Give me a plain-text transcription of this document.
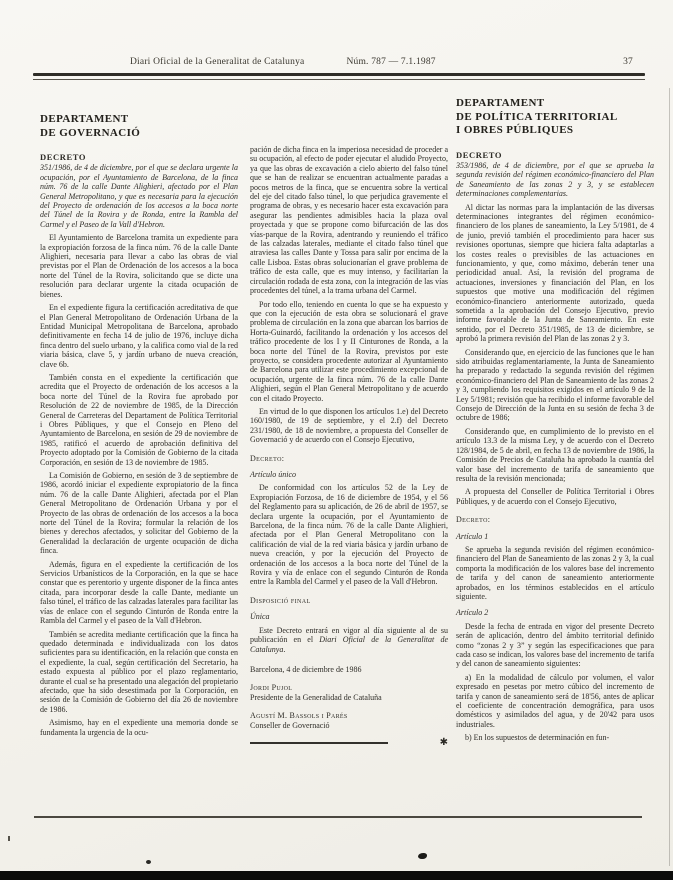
Diari Oficial de la Generalitat de Catalunya	Núm. 787 — 7.1.1987	37
DEPARTAMENT
DE GOVERNACIÓ
DECRETO

351/1986, de 4 de diciembre, por el que se declara urgente la ocupación, por el Ayuntamiento de Barcelona, de la finca núm. 76 de la calle Dante Alighieri, afectado por el Plan General Metropolitano, y que es necesaria para la ejecución del Proyecto de ordenación de los accesos a la boca norte del Túnel de la Rovira y de Ronda, entre la Rambla del Carmel y el Paseo de la Vall d'Hebron.

El Ayuntamiento de Barcelona tramita un expediente para la expropiación forzosa de la finca núm. 76 de la calle Dante Alighieri, necesaria para llevar a cabo las obras de vial previstas por el Plan de Ordenación de los accesos a la boca norte del Túnel de la Rovira, solicitando que se dicte una resolución para declarar urgente la citada ocupación de bienes.

En el expediente figura la certificación acreditativa de que el Plan General Metropolitano de Ordenación Urbana de la Entidad Municipal Metropolitana de Barcelona, aprobado definitivamente en fecha 14 de julio de 1976, incluye dicha finca dentro del suelo urbano, y la califica como vial de la red viaria básica, clave 5, y jardín urbano de nueva creación, clave 6b.

También consta en el expediente la certificación que acredita que el Proyecto de ordenación de los accesos a la boca norte del Túnel de la Rovira fue aprobado por Resolución de 22 de noviembre de 1985, de la Dirección General de Carreteras del Departament de Política Territorial i Obres Públiques, y que el Consejo en Pleno del Ayuntamiento de Barcelona, en sesión de 29 de noviembre de 1985, ratificó el acuerdo de aprobación definitiva del Proyecto adoptado por la Comisión de Gobierno de la citada Corporación, en sesión de 13 de noviembre de 1985.

La Comisión de Gobierno, en sesión de 3 de septiembre de 1986, acordó iniciar el expediente expropiatorio de la finca núm. 76 de la calle Dante Alighieri, afectada por el Plan General Metropolitano de Ordenación Urbana y por el Proyecto de las obras de ordenación de los accesos a la boca norte del Túnel de la Rovira; formular la relación de los bienes y derechos afectados, y solicitar del Gobierno de la Generalidad la declaración de urgente ocupación de dicha finca.

Además, figura en el expediente la certificación de los Servicios Urbanísticos de la Corporación, en la que se hace constar que es perentorio y urgente disponer de la finca antes citada, para incorporar desde la calle Dante, mediante un falso túnel, el tráfico de las calzadas laterales para facilitar las vías de enlace con el segundo Cinturón de Ronda entre la Rambla del Carmel y el paseo de la Vall d'Hebron.

También se acredita mediante certificación que la finca ha quedado determinada e individualizada con los datos suficientes para su identificación, en la relación que consta en el expediente, la cual, según certificación del Secretario, ha estado expuesta al público por el plazo reglamentario, durante el cual se ha presentado una alegación del propietario afectado, que ha sido desestimada por la Corporación, en sesión de la Comisión de Gobierno del día 26 de noviembre de 1986.

Asimismo, hay en el expediente una memoria donde se fundamenta la urgencia de la ocu-

pación de dicha finca en la imperiosa necesidad de proceder a su ocupación, al efecto de poder ejecutar el aludido Proyecto, ya que las obras de excavación a cielo abierto del falso túnel que se han de realizar se encuentran actualmente paradas a pocos metros de la finca, que se encuentra sobre la vertical del eje del citado falso túnel, lo que perjudica gravemente el programa de obras, y es necesario hacer esta excavación para asegurar las pendientes admisibles hacia la plaza oval proyectada y que se propone como bifurcación de las dos vías-parque de la Rovira, adentrando y reuniendo el tráfico de las calzadas laterales, mediante el citado falso túnel que atraviesa las calles Dante y Tossa para salir por encima de la calle Lisboa. Estas obras solucionarían el grave problema de tráfico de esta calle, que es muy intenso, y facilitarían la circulación rodada de esta zona, con la integración de las vías procedentes del túnel, a la trama urbana del Carmel.

Por todo ello, teniendo en cuenta lo que se ha expuesto y que con la ejecución de esta obra se solucionará el grave problema de circulación en la zona que abarcan los barrios de Horta-Guinardó, facilitando la ordenación y los accesos del tráfico procedente de los I y II Cinturones de Ronda, a la boca norte del Túnel de la Rovira, previstos por este proyecto, se considera procedente autorizar al Ayuntamiento de Barcelona para utilizar este procedimiento excepcional de ocupación, urgente de la finca núm. 76 de la calle Dante Alighieri, según el Plan General Metropolitano y de acuerdo con el citado Proyecto.

En virtud de lo que disponen los artículos 1.e) del Decreto 160/1980, de 19 de septiembre, y el 2.f) del Decreto 231/1980, de 18 de noviembre, a propuesta del Conseller de Governació y de acuerdo con el Consejo Ejecutivo,

Decreto:
Artículo único

De conformidad con los artículos 52 de la Ley de Expropiación Forzosa, de 16 de diciembre de 1954, y el 56 del Reglamento para su aplicación, de 26 de abril de 1957, se declara urgente la ocupación, por el Ayuntamiento de Barcelona, de la finca núm. 76 de la calle Dante Alighieri, afectada por el Plan General Metropolitano con la calificación de vial de la red viaria básica y jardín urbano de nueva creación, y por la ejecución del Proyecto de ordenación de los accesos a la boca norte del Túnel de la Rovira y vía de enlace con el segundo Cinturón de Ronda entre la Rambla del Carmel y el paseo de la Vall d'Hebron.

Disposició final
Única

Este Decreto entrará en vigor al día siguiente al de su publicación en el Diari Oficial de la Generalitat de Catalunya.

Barcelona, 4 de diciembre de 1986
Jordi Pujol
Presidente de la Generalidad de Cataluña
Agustí M. Bassols i Parés
Conseller de Governació
✱
DEPARTAMENT
DE POLÍTICA TERRITORIAL
I OBRES PÚBLIQUES
DECRETO

353/1986, de 4 de diciembre, por el que se aprueba la segunda revisión del régimen económico-financiero del Plan de Saneamiento de las zonas 2 y 3, y se establecen determinaciones complementarias.

Al dictar las normas para la implantación de las diversas determinaciones integrantes del régimen económico-financiero de los planes de saneamiento, la Ley 5/1981, de 4 de junio, previó también el procedimiento para hacer sus revisiones oportunas, siempre que hiciera falta adaptarlas a los costes reales o previsibles de las actuaciones en funcionamiento, y que, como máximo, deberán tener una periodicidad anual. Así, la revisión del programa de actuaciones, inversiones y financiación del Plan, en los supuestos que motive una modificación del régimen económico-financiero anteriormente autorizado, queda sometida a la aprobación del Consejo Ejecutivo, previo informe favorable de la Junta de Saneamiento. En este sentido, por el Decreto 351/1985, de 13 de diciembre, se aprobó la primera revisión del Plan de las zonas 2 y 3.

Considerando que, en ejercicio de las funciones que le han sido atribuidas reglamentariamente, la Junta de Saneamiento ha preparado y redactado la segunda revisión del régimen económico-financiero del Plan de Saneamiento de las zonas 2 y 3, cumpliendo los requisitos exigidos en el artículo 9 de la Ley 5/1981; revisión que ha recibido el informe favorable del Consejo de Dirección de la Junta en su sesión de fecha 3 de octubre de 1986;

Considerando que, en cumplimiento de lo previsto en el artículo 13.3 de la misma Ley, y de acuerdo con el Decreto 128/1984, de 5 de abril, en fecha 13 de noviembre de 1986, la Comisión de Precios de Cataluña ha aprobado la cuantía del valor base del incremento de tarifa de saneamiento que resulta de la revisión mencionada;

A propuesta del Conseller de Política Territorial i Obres Públiques, y de acuerdo con el Consejo Ejecutivo,

Decreto:
Artículo 1

Se aprueba la segunda revisión del régimen económico-financiero del Plan de Saneamiento de las zonas 2 y 3, la cual comporta la modificación de los valores base del incremento de tarifa y del canon de saneamiento anteriormente aprobados, en los términos establecidos en el artículo siguiente.

Artículo 2

Desde la fecha de entrada en vigor del presente Decreto serán de aplicación, dentro del ámbito territorial definido como “zonas 2 y 3” y según las especificaciones que para cada caso se indican, los valores base del incremento de tarifa y del canon de saneamiento siguientes:

a) En la modalidad de cálculo por volumen, el valor expresado en pesetas por metro cúbico del incremento de tarifa y canon de saneamiento será de 18'56, antes de aplicar el coeficiente de concentración demográfica, para usos domésticos y asimilados del agua, y de 20'42 para usos industriales.

b) En los supuestos de determinación en fun-
